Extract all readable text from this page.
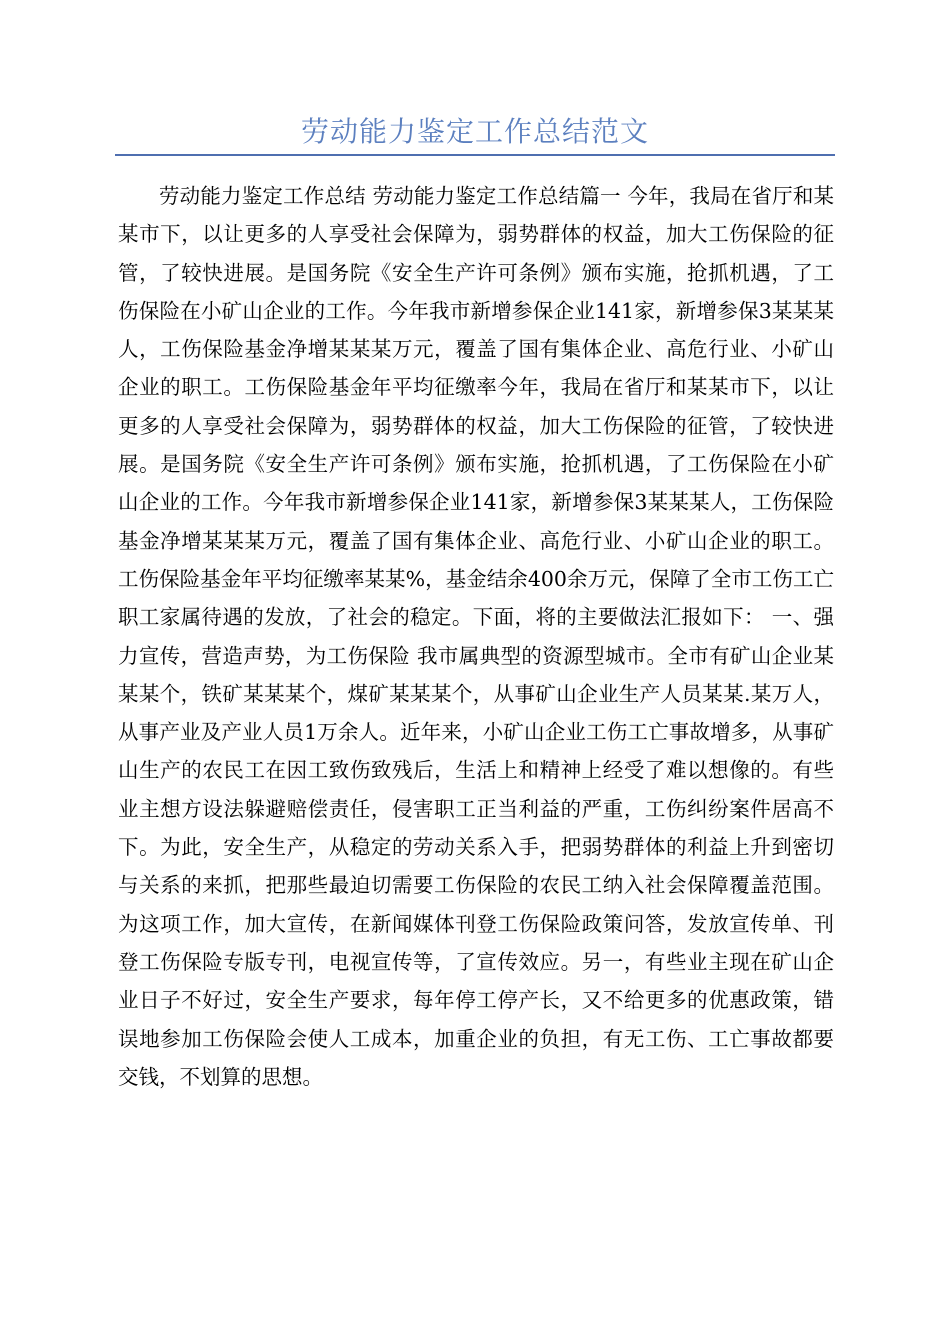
劳动能力鉴定工作总结范文

劳动能力鉴定工作总结 劳动能力鉴定工作总结篇一 今年，我局在省厅和某某市下，以让更多的人享受社会保障为，弱势群体的权益，加大工伤保险的征管，了较快进展。是国务院《安全生产许可条例》颁布实施，抢抓机遇，了工伤保险在小矿山企业的工作。今年我市新增参保企业141家，新增参保3某某某人，工伤保险基金净增某某某万元，覆盖了国有集体企业、高危行业、小矿山企业的职工。工伤保险基金年平均征缴率今年，我局在省厅和某某市下，以让更多的人享受社会保障为，弱势群体的权益，加大工伤保险的征管，了较快进展。是国务院《安全生产许可条例》颁布实施，抢抓机遇，了工伤保险在小矿山企业的工作。今年我市新增参保企业141家，新增参保3某某某人，工伤保险基金净增某某某万元，覆盖了国有集体企业、高危行业、小矿山企业的职工。工伤保险基金年平均征缴率某某%，基金结余400余万元，保障了全市工伤工亡职工家属待遇的发放，了社会的稳定。下面，将的主要做法汇报如下： 一、强力宣传，营造声势，为工伤保险 我市属典型的资源型城市。全市有矿山企业某某某个，铁矿某某某个，煤矿某某某个，从事矿山企业生产人员某某.某万人，从事产业及产业人员1万余人。近年来，小矿山企业工伤工亡事故增多，从事矿山生产的农民工在因工致伤致残后，生活上和精神上经受了难以想像的。有些业主想方设法躲避赔偿责任，侵害职工正当利益的严重，工伤纠纷案件居高不下。为此，安全生产，从稳定的劳动关系入手，把弱势群体的利益上升到密切与关系的来抓，把那些最迫切需要工伤保险的农民工纳入社会保障覆盖范围。为这项工作，加大宣传，在新闻媒体刊登工伤保险政策问答，发放宣传单、刊登工伤保险专版专刊，电视宣传等，了宣传效应。另一，有些业主现在矿山企业日子不好过，安全生产要求，每年停工停产长，又不给更多的优惠政策，错误地参加工伤保险会使人工成本，加重企业的负担，有无工伤、工亡事故都要交钱，不划算的思想。
